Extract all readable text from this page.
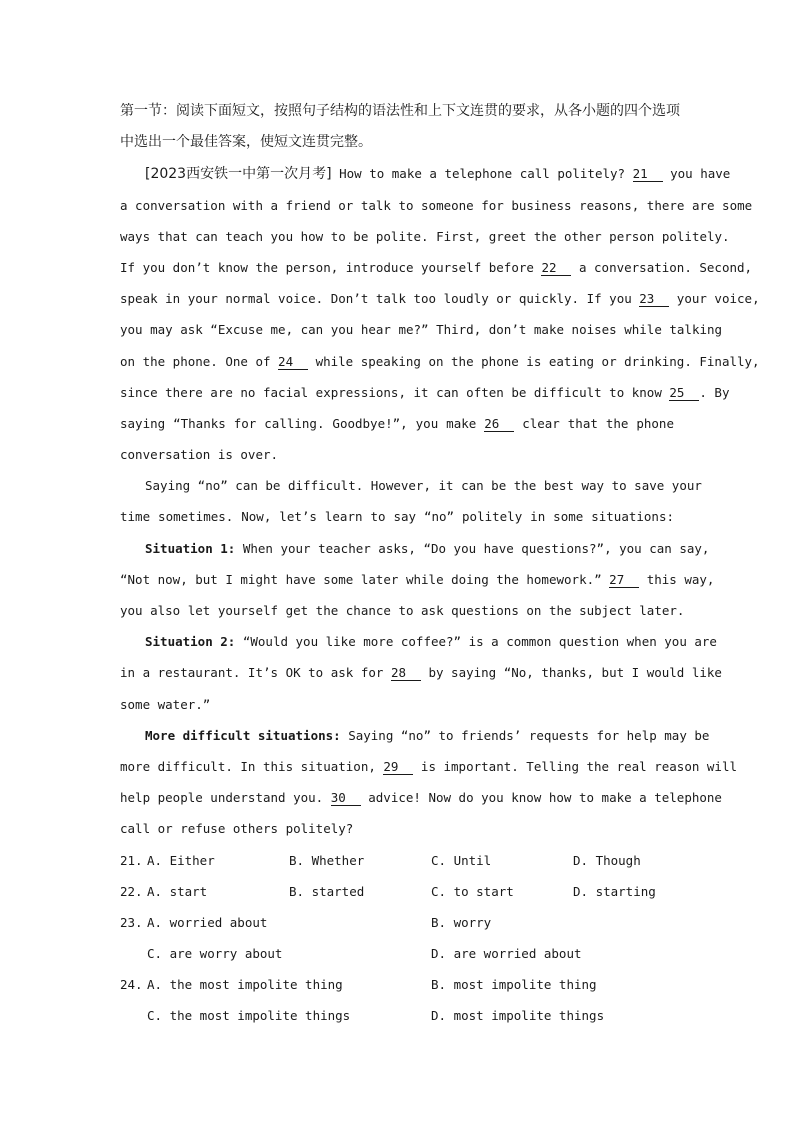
第一节：阅读下面短文，按照句子结构的语法性和上下文连贯的要求，从各小题的四个选项
中选出一个最佳答案，使短文连贯完整。
[2023西安铁一中第一次月考] How to make a telephone call politely? 21 you have
a conversation with a friend or talk to someone for business reasons, there are some
ways that can teach you how to be polite. First, greet the other person politely.
If you don’t know the person, introduce yourself before 22 a conversation. Second,
speak in your normal voice. Don’t talk too loudly or quickly. If you 23 your voice,
you may ask “Excuse me, can you hear me?” Third, don’t make noises while talking
on the phone. One of 24 while speaking on the phone is eating or drinking. Finally,
since there are no facial expressions, it can often be difficult to know 25 . By
saying “Thanks for calling. Goodbye!”, you make 26 clear that the phone
conversation is over.
Saying “no” can be difficult. However, it can be the best way to save your
time sometimes. Now, let’s learn to say “no” politely in some situations:
Situation 1: When your teacher asks, “Do you have questions?”, you can say,
“Not now, but I might have some later while doing the homework.” 27 this way,
you also let yourself get the chance to ask questions on the subject later.
Situation 2: “Would you like more coffee?” is a common question when you are
in a restaurant. It’s OK to ask for 28 by saying “No, thanks, but I would like
some water.”
More difficult situations: Saying “no” to friends’ requests for help may be
more difficult. In this situation, 29 is important. Telling the real reason will
help people understand you. 30 advice! Now do you know how to make a telephone
call or refuse others politely?
21. A. Either	B. Whether	C. Until	D. Though
22. A. start	B. started	C. to start	D. starting
23. A. worried about	B. worry
C. are worry about	D. are worried about
24. A. the most impolite thing	B. most impolite thing
C. the most impolite things	D. most impolite things
